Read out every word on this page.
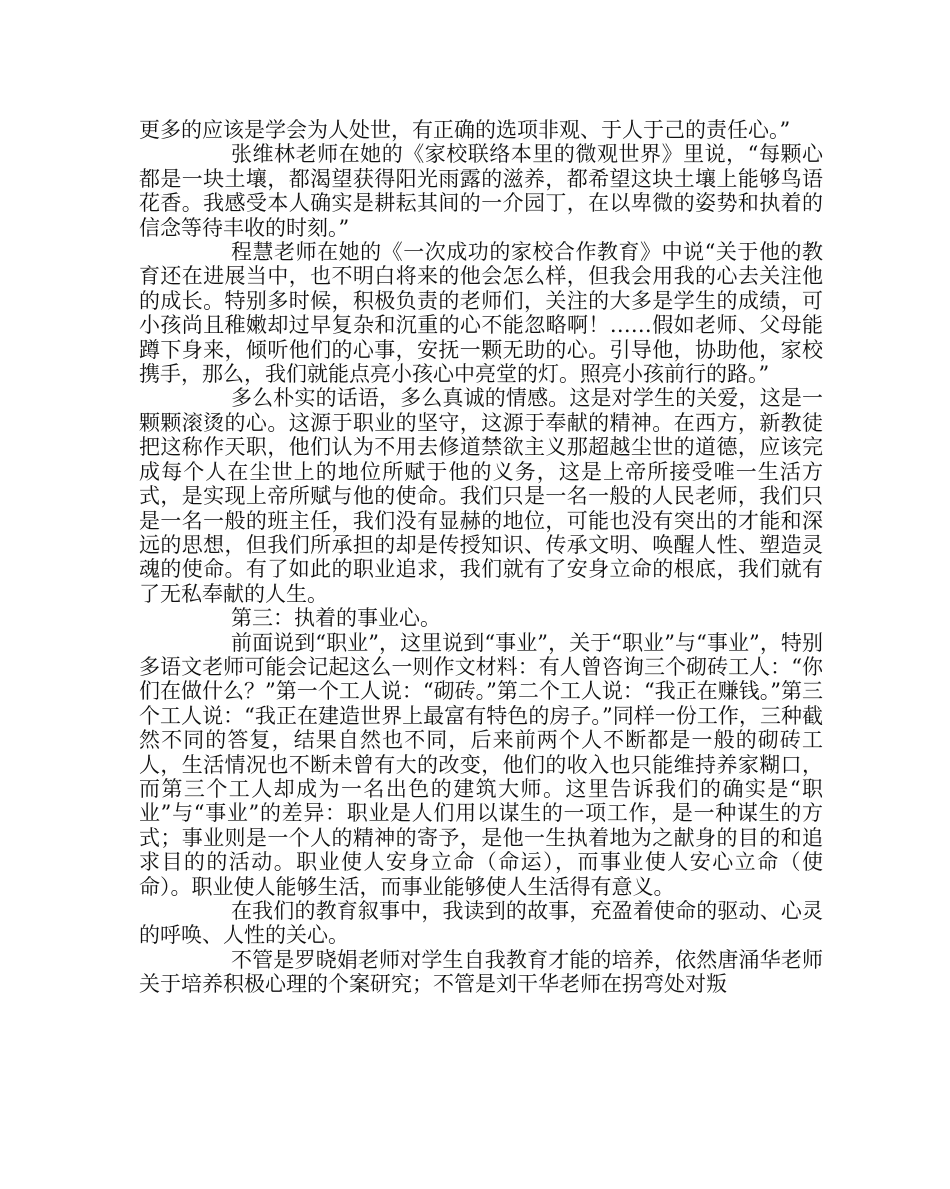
更多的应该是学会为人处世，有正确的选项非观、于人于己的责任心。”

张维林老师在她的《家校联络本里的微观世界》里说，“每颗心都是一块土壤，都渴望获得阳光雨露的滋养，都希望这块土壤上能够鸟语花香。我感受本人确实是耕耘其间的一介园丁，在以卑微的姿势和执着的信念等待丰收的时刻。”

程慧老师在她的《一次成功的家校合作教育》中说“关于他的教育还在进展当中，也不明白将来的他会怎么样，但我会用我的心去关注他的成长。特别多时候，积极负责的老师们，关注的大多是学生的成绩，可小孩尚且稚嫩却过早复杂和沉重的心不能忽略啊！……假如老师、父母能蹲下身来，倾听他们的心事，安抚一颗无助的心。引导他，协助他，家校携手，那么，我们就能点亮小孩心中亮堂的灯。照亮小孩前行的路。”

多么朴实的话语，多么真诚的情感。这是对学生的关爱，这是一颗颗滚烫的心。这源于职业的坚守，这源于奉献的精神。在西方，新教徒把这称作天职，他们认为不用去修道禁欲主义那超越尘世的道德，应该完成每个人在尘世上的地位所赋于他的义务，这是上帝所接受唯一生活方式，是实现上帝所赋与他的使命。我们只是一名一般的人民老师，我们只是一名一般的班主任，我们没有显赫的地位，可能也没有突出的才能和深远的思想，但我们所承担的却是传授知识、传承文明、唤醒人性、塑造灵魂的使命。有了如此的职业追求，我们就有了安身立命的根底，我们就有了无私奉献的人生。

第三：执着的事业心。

前面说到“职业”，这里说到“事业”，关于“职业”与“事业”，特别多语文老师可能会记起这么一则作文材料：有人曾咨询三个砌砖工人：“你们在做什么？”第一个工人说：“砌砖。”第二个工人说：“我正在赚钱。”第三个工人说：“我正在建造世界上最富有特色的房子。”同样一份工作，三种截然不同的答复，结果自然也不同，后来前两个人不断都是一般的砌砖工人，生活情况也不断未曾有大的改变，他们的收入也只能维持养家糊口，而第三个工人却成为一名出色的建筑大师。这里告诉我们的确实是“职业”与“事业”的差异：职业是人们用以谋生的一项工作，是一种谋生的方式；事业则是一个人的精神的寄予，是他一生执着地为之献身的目的和追求目的的活动。职业使人安身立命（命运），而事业使人安心立命（使命）。职业使人能够生活，而事业能够使人生活得有意义。

在我们的教育叙事中，我读到的故事，充盈着使命的驱动、心灵的呼唤、人性的关心。

不管是罗晓娟老师对学生自我教育才能的培养，依然唐涌华老师关于培养积极心理的个案研究；不管是刘干华老师在拐弯处对叛
